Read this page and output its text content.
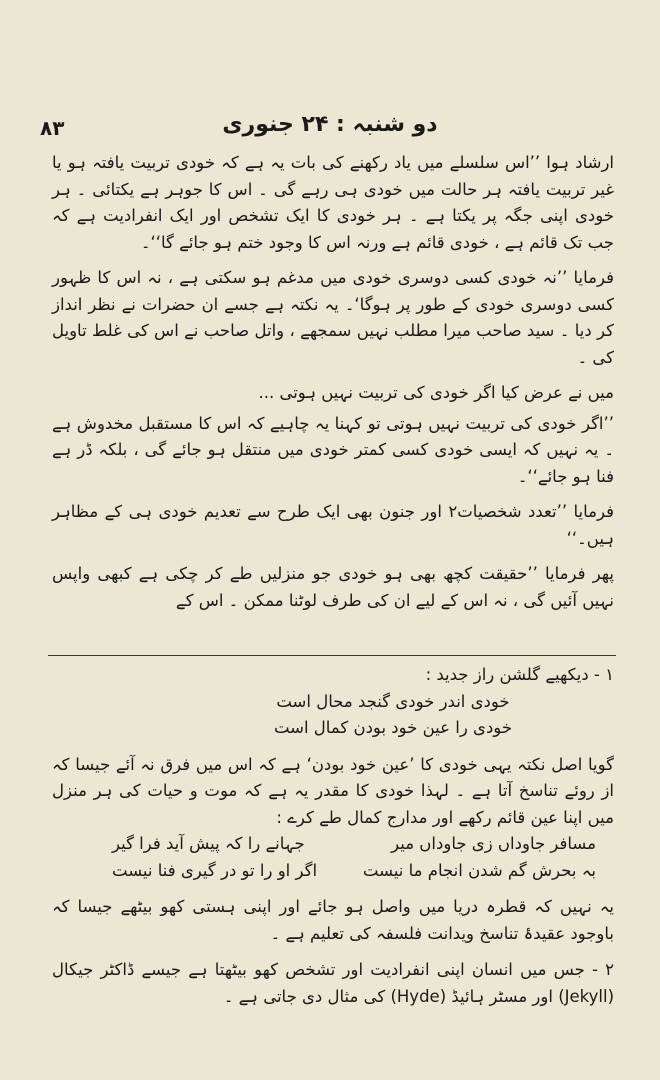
۸۳	دو شنبہ : ۲۴ جنوری

ارشاد ہوا ’’اس سلسلے میں یاد رکھنے کی بات یہ ہے کہ خودی تربیت یافتہ ہو یا غیر تربیت یافتہ ہر حالت میں خودی ہی رہے گی ۔ اس کا جوہر ہے یکتائی ۔ ہر خودی اپنی جگہ پر یکتا ہے ۔ ہر خودی کا ایک تشخص اور ایک انفرادیت ہے کہ جب تک قائم ہے ، خودی قائم ہے ورنہ اس کا وجود ختم ہو جائے گا‘‘۔

فرمایا ’’نہ خودی کسی دوسری خودی میں مدغم ہو سکتی ہے ، نہ اس کا ظہور کسی دوسری خودی کے طور پر ہوگا‘۔ یہ نکتہ ہے جسے ان حضرات نے نظر انداز کر دیا ۔ سید صاحب میرا مطلب نہیں سمجھے ، واتل صاحب نے اس کی غلط تاویل کی ۔

میں نے عرض کیا اگر خودی کی تربیت نہیں ہوتی ...

’’اگر خودی کی تربیت نہیں ہوتی تو کہنا یہ چاہیے کہ اس کا مستقبل مخدوش ہے ۔ یہ نہیں کہ ایسی خودی کسی کمتر خودی میں منتقل ہو جائے گی ، بلکہ ڈر ہے فنا ہو جائے‘‘۔

فرمایا ’’تعدد شخصیات۲ اور جنون بھی ایک طرح سے تعدیم خودی ہی کے مظاہر ہیں۔‘‘

پھر فرمایا ’’حقیقت کچھ بھی ہو خودی جو منزلیں طے کر چکی ہے کبھی واپس نہیں آئیں گی ، نہ اس کے لیے ان کی طرف لوٹنا ممکن ۔ اس کے

۱ - دیکھیے گلشن راز جدید :

خودی اندر خودی گنجد محال است

خودی را عین خود بودن کمال است

گویا اصل نکتہ یہی خودی کا ’عین خود بودن‘ ہے کہ اس میں فرق نہ آئے جیسا کہ از روئے تناسخ آتا ہے ۔ لہذا خودی کا مقدر یہ ہے کہ موت و حیات کی ہر منزل میں اپنا عین قائم رکھے اور مدارج کمال طے کرے :

مسافر جاوداں زی جاوداں میر
جہانے را کہ پیش آید فرا گیر
بہ بحرش گم شدن انجام ما نیست
اگر او را تو در گیری فنا نیست

یہ نہیں کہ قطرہ دریا میں واصل ہو جائے اور اپنی ہستی کھو بیٹھے جیسا کہ باوجود عقیدۂ تناسخ ویدانت فلسفہ کی تعلیم ہے ۔

۲ - جس میں انسان اپنی انفرادیت اور تشخص کھو بیٹھتا ہے جیسے ڈاکٹر جیکال (Jekyll) اور مسٹر ہائیڈ (Hyde) کی مثال دی جاتی ہے ۔
